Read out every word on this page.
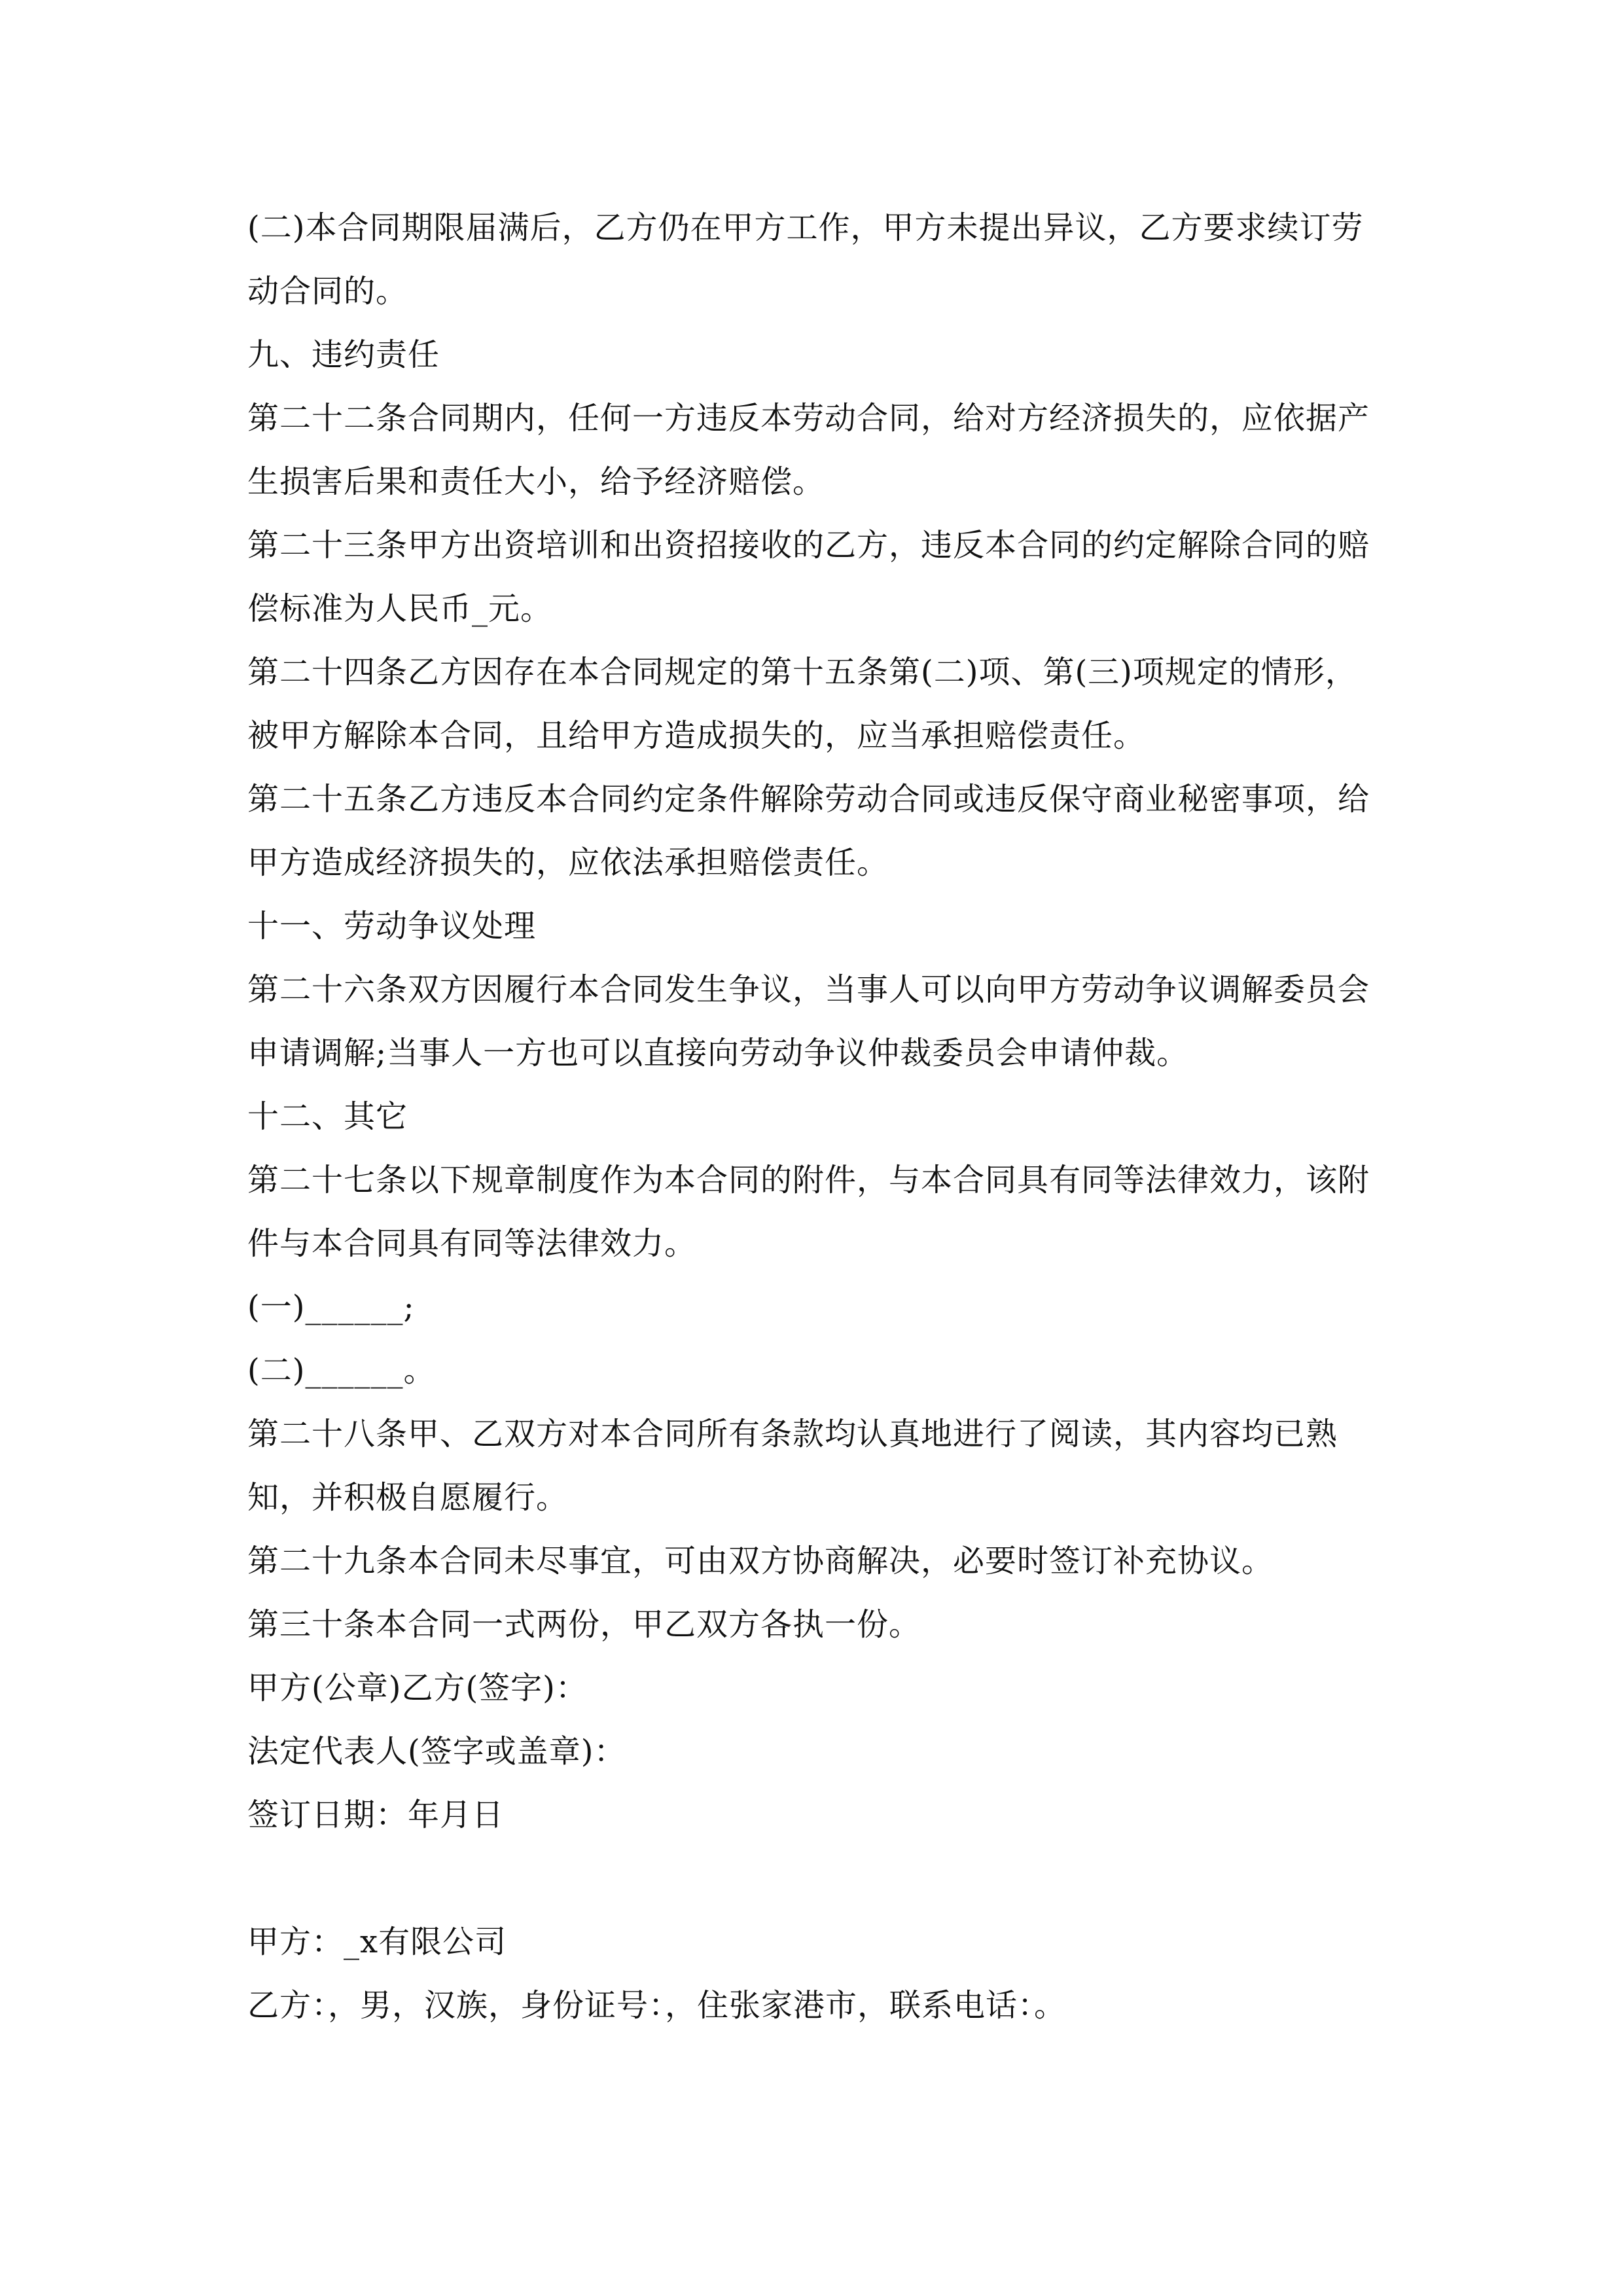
(二)本合同期限届满后，乙方仍在甲方工作，甲方未提出异议，乙方要求续订劳动合同的。

九、违约责任

第二十二条合同期内，任何一方违反本劳动合同，给对方经济损失的，应依据产生损害后果和责任大小，给予经济赔偿。

第二十三条甲方出资培训和出资招接收的乙方，违反本合同的约定解除合同的赔偿标准为人民币_元。

第二十四条乙方因存在本合同规定的第十五条第(二)项、第(三)项规定的情形，被甲方解除本合同，且给甲方造成损失的，应当承担赔偿责任。

第二十五条乙方违反本合同约定条件解除劳动合同或违反保守商业秘密事项，给甲方造成经济损失的，应依法承担赔偿责任。

十一、劳动争议处理

第二十六条双方因履行本合同发生争议，当事人可以向甲方劳动争议调解委员会申请调解;当事人一方也可以直接向劳动争议仲裁委员会申请仲裁。

十二、其它

第二十七条以下规章制度作为本合同的附件，与本合同具有同等法律效力，该附件与本合同具有同等法律效力。

(一)______;

(二)______。

第二十八条甲、乙双方对本合同所有条款均认真地进行了阅读，其内容均已熟知，并积极自愿履行。

第二十九条本合同未尽事宜，可由双方协商解决，必要时签订补充协议。

第三十条本合同一式两份，甲乙双方各执一份。

甲方(公章)乙方(签字)：

法定代表人(签字或盖章)：

签订日期：年月日

甲方：_x有限公司

乙方：，男，汉族，身份证号：，住张家港市，联系电话：。
